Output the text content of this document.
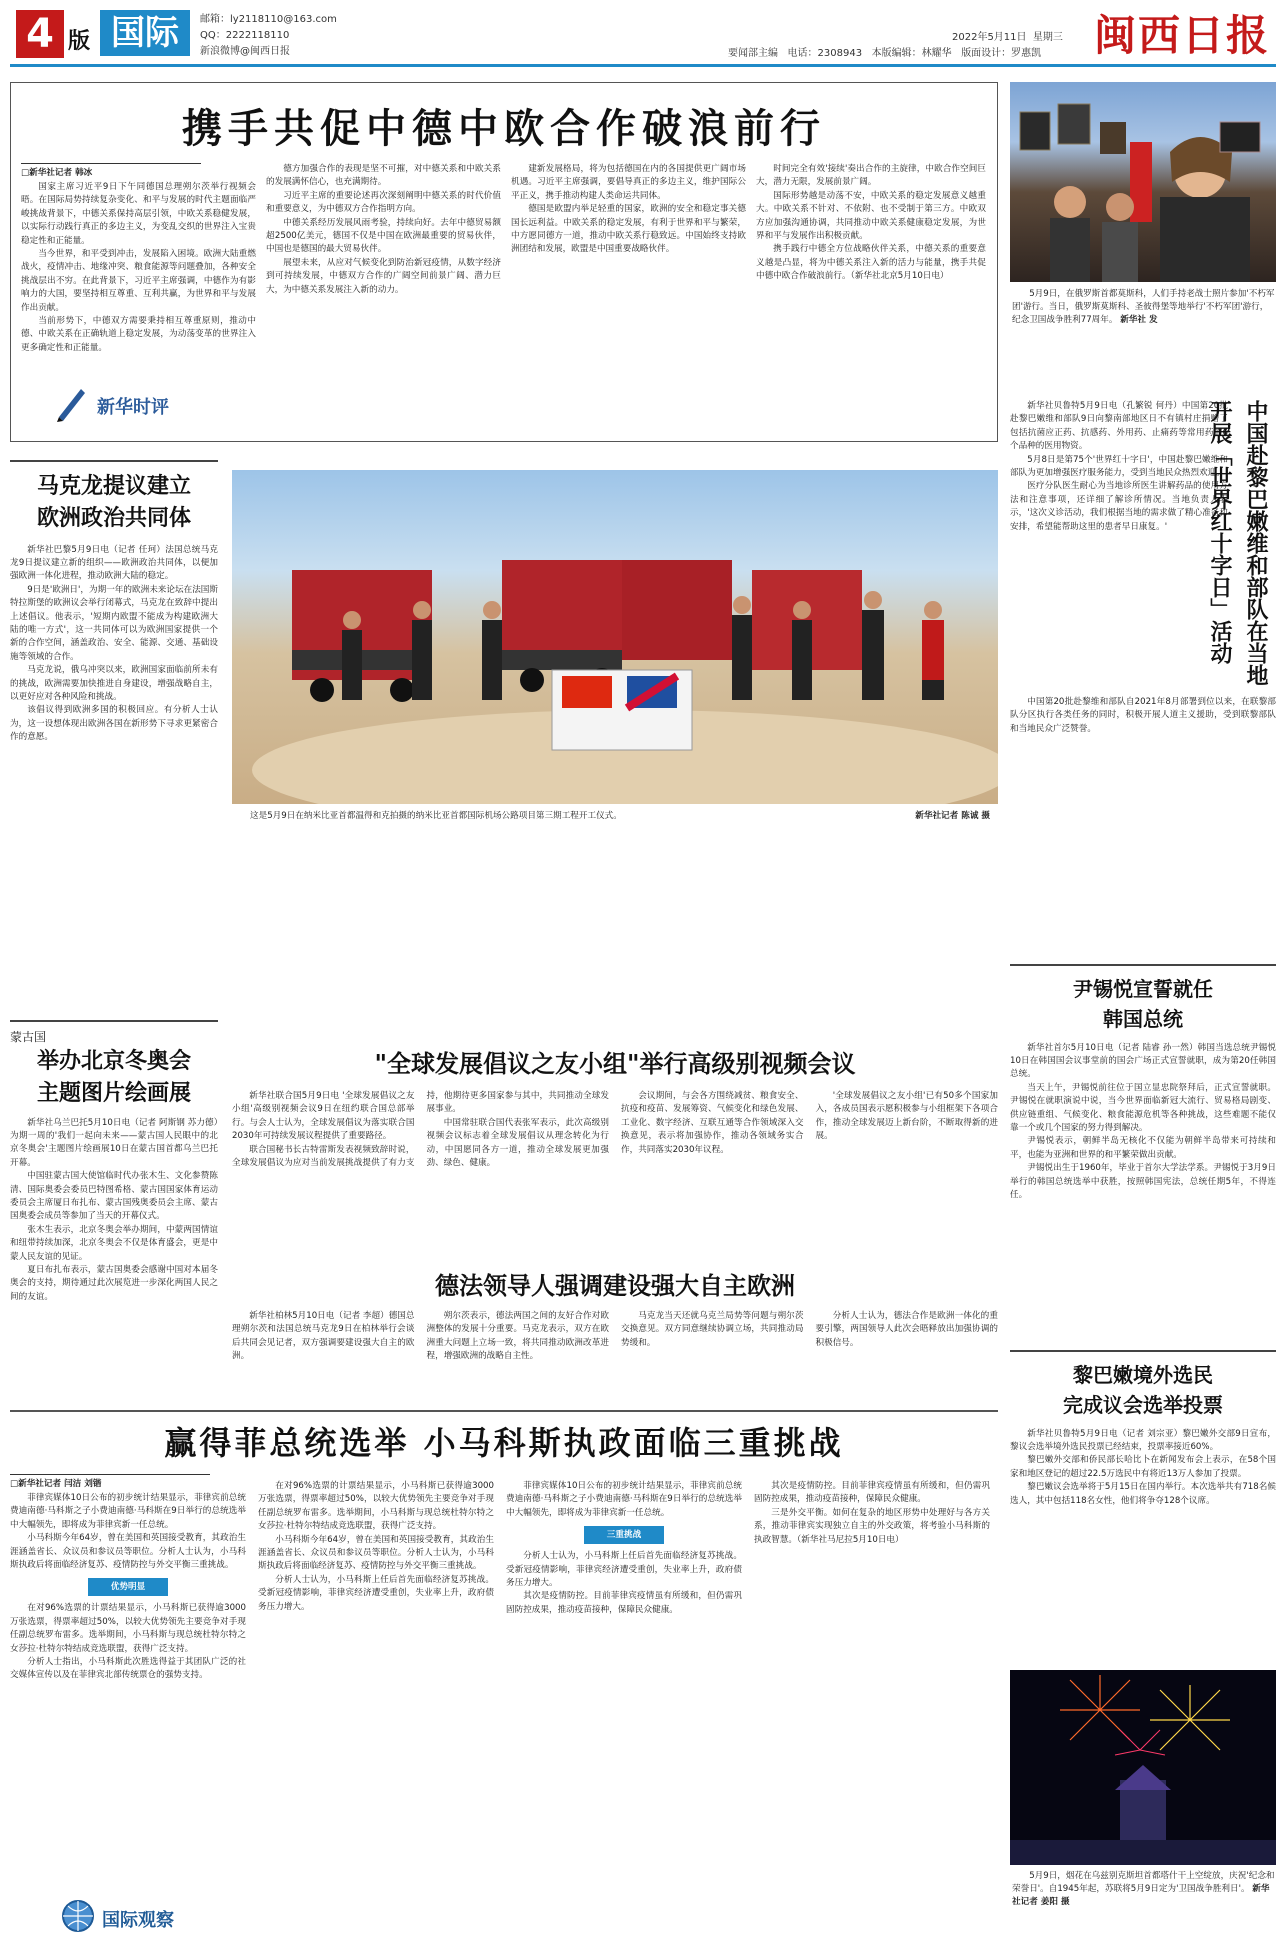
4 版 国际	邮箱：ly2118110@163.com
QQ：2222118110
新浪微博@闽西日报
2022年5月11日 星期三
要闻部主编 电话：2308943 本版编辑：林耀华 版面设计：罗惠凯 闽西日报
携手共促中德中欧合作破浪前行
□新华社记者 韩冰

国家主席习近平9日下午同德国总理朔尔茨举行视频会晤。在国际局势持续复杂变化、和平与发展的时代主题面临严峻挑战背景下，中德关系保持高层引领，中欧关系稳健发展，以实际行动践行真正的多边主义，为变乱交织的世界注入宝贵稳定性和正能量。

当今世界，和平受到冲击，发展陷入困境。欧洲大陆重燃战火，疫情冲击、地缘冲突、粮食能源等问题叠加，各种安全挑战层出不穷。在此背景下，习近平主席强调，中德作为有影响力的大国，要坚持相互尊重、互利共赢，为世界和平与发展作出贡献。

当前形势下，中德双方需要秉持相互尊重原则，推动中德、中欧关系在正确轨道上稳定发展，为动荡变革的世界注入更多确定性和正能量。

新华时评

德方加强合作的表现是坚不可摧，对中德关系和中欧关系的发展满怀信心，也充满期待。

习近平主席的重要论述再次深刻阐明中德关系的时代价值和重要意义，为中德双方合作指明方向。

中德关系经历发展风雨考验，持续向好。去年中德贸易额超2500亿美元，德国不仅是中国在欧洲最重要的贸易伙伴，中国也是德国的最大贸易伙伴。

展望未来，从应对气候变化到防治新冠疫情，从数字经济到可持续发展，中德双方合作的广阔空间前景广阔、潜力巨大，为中德关系发展注入新的动力。

建新发展格局，将为包括德国在内的各国提供更广阔市场机遇。习近平主席强调，要倡导真正的多边主义，维护国际公平正义，携手推动构建人类命运共同体。

德国是欧盟内举足轻重的国家，欧洲的安全和稳定事关德国长远利益。中欧关系的稳定发展，有利于世界和平与繁荣，中方愿同德方一道，推动中欧关系行稳致远。中国始终支持欧洲团结和发展，欧盟是中国重要战略伙伴。

时间完全有效'接续'奏出合作的主旋律，中欧合作空间巨大，潜力无限，发展前景广阔。

国际形势越是动荡不安，中欧关系的稳定发展意义越重大。中欧关系不针对、不依附、也不受制于第三方。中欧双方应加强沟通协调，共同推动中欧关系健康稳定发展，为世界和平与发展作出积极贡献。

携手践行中德全方位战略伙伴关系，中德关系的重要意义越是凸显，将为中德关系注入新的活力与能量，携手共促中德中欧合作破浪前行。（新华社北京5月10日电）

5月9日，在俄罗斯首都莫斯科，人们手持老战士照片参加'不朽军团'游行。当日，俄罗斯莫斯科、圣彼得堡等地举行'不朽军团'游行，纪念卫国战争胜利77周年。 新华社 发

新华社贝鲁特5月9日电（孔繁锐 何丹）中国第20批赴黎巴嫩维和部队9日向黎南部地区日不有镇村庄捐赠了包括抗菌应正药、抗感药、外用药、止痛药等常用药的6个品种的医用物资。

5月8日是第75个'世界红十字日'，中国赴黎巴嫩维和部队为更加增强医疗服务能力，受到当地民众热烈欢迎。

医疗分队医生耐心为当地诊所医生讲解药品的使用方法和注意事项，还详细了解诊所情况。当地负责人表示，'这次义诊活动，我们根据当地的需求做了精心准备和安排，希望能帮助这里的患者早日康复。'	中国赴黎巴嫩维和部队在当地开展「世界红十字日」活动

中国第20批赴黎维和部队自2021年8月部署到位以来，在联黎部队分区执行各类任务的同时，积极开展人道主义援助，受到联黎部队和当地民众广泛赞誉。

马克龙提议建立
欧洲政治共同体

新华社巴黎5月9日电（记者 任珂）法国总统马克龙9日提议建立新的组织——欧洲政治共同体，以便加强欧洲一体化进程，推动欧洲大陆的稳定。

9日是'欧洲日'，为期一年的欧洲未来论坛在法国斯特拉斯堡的欧洲议会举行闭幕式，马克龙在致辞中提出上述倡议。他表示，'短期内欧盟不能成为构建欧洲大陆的唯一方式'，这一共同体可以为欧洲国家提供一个新的合作空间，涵盖政治、安全、能源、交通、基础设施等领域的合作。

马克龙说，俄乌冲突以来，欧洲国家面临前所未有的挑战，欧洲需要加快推进自身建设，增强战略自主，以更好应对各种风险和挑战。

该倡议得到欧洲多国的积极回应。有分析人士认为，这一设想体现出欧洲各国在新形势下寻求更紧密合作的意愿。

这是5月9日在纳米比亚首都温得和克拍摄的纳米比亚首都国际机场公路项目第三期工程开工仪式。	新华社记者 陈诚 摄
尹锡悦宣誓就任
韩国总统

新华社首尔5月10日电（记者 陆睿 孙一然）韩国当选总统尹锡悦10日在韩国国会议事堂前的国会广场正式宣誓就职，成为第20任韩国总统。

当天上午，尹锡悦前往位于国立显忠院祭拜后，正式宣誓就职。尹锡悦在就职演说中说，当今世界面临新冠大流行、贸易格局剧变、供应链重组、气候变化、粮食能源危机等各种挑战，这些难题不能仅靠一个或几个国家的努力得到解决。

尹锡悦表示，朝鲜半岛无核化不仅能为朝鲜半岛带来可持续和平，也能为亚洲和世界的和平繁荣做出贡献。

尹锡悦出生于1960年，毕业于首尔大学法学系。尹锡悦于3月9日举行的韩国总统选举中获胜，按照韩国宪法，总统任期5年，不得连任。

蒙古国
举办北京冬奥会
主题图片绘画展

新华社乌兰巴托5月10日电（记者 阿斯钢 苏力德）为期一周的'我们一起向未来——蒙古国人民眼中的北京冬奥会'主题图片绘画展10日在蒙古国首都乌兰巴托开幕。

中国驻蒙古国大使馆临时代办张木生、文化参赞陈清、国际奥委会委员巴特图希格、蒙古国国家体育运动委员会主席厦日布扎布、蒙古国残奥委员会主席、蒙古国奥委会成员等参加了当天的开幕仪式。

张木生表示，北京冬奥会举办期间，中蒙两国情谊和纽带持续加深，北京冬奥会不仅是体育盛会，更是中蒙人民友谊的见证。

夏日布扎布表示，蒙古国奥委会感谢中国对本届冬奥会的支持，期待通过此次展览进一步深化两国人民之间的友谊。

"全球发展倡议之友小组"举行高级别视频会议

新华社联合国5月9日电 '全球发展倡议之友小组'高级别视频会议9日在纽约联合国总部举行。与会人士认为，全球发展倡议为落实联合国2030年可持续发展议程提供了重要路径。

联合国秘书长古特雷斯发表视频致辞时说，全球发展倡议为应对当前发展挑战提供了有力支持，他期待更多国家参与其中，共同推动全球发展事业。

中国常驻联合国代表张军表示，此次高级别视频会议标志着全球发展倡议从理念转化为行动，中国愿同各方一道，推动全球发展更加强劲、绿色、健康。

会议期间，与会各方围绕减贫、粮食安全、抗疫和疫苗、发展筹资、气候变化和绿色发展、工业化、数字经济、互联互通等合作领域深入交换意见，表示将加强协作，推动各领域务实合作，共同落实2030年议程。

'全球发展倡议之友小组'已有50多个国家加入，各成员国表示愿积极参与小组框架下各项合作，推动全球发展迈上新台阶，不断取得新的进展。

德法领导人强调建设强大自主欧洲

新华社柏林5月10日电（记者 李超）德国总理朔尔茨和法国总统马克龙9日在柏林举行会谈后共同会见记者，双方强调要建设强大自主的欧洲。

朔尔茨表示，德法两国之间的友好合作对欧洲整体的发展十分重要。马克龙表示，双方在欧洲重大问题上立场一致，将共同推动欧洲改革进程，增强欧洲的战略自主性。

马克龙当天还就乌克兰局势等问题与朔尔茨交换意见。双方同意继续协调立场，共同推动局势缓和。

分析人士认为，德法合作是欧洲一体化的重要引擎，两国领导人此次会晤释放出加强协调的积极信号。

黎巴嫩境外选民
完成议会选举投票

新华社贝鲁特5月9日电（记者 刘宗亚）黎巴嫩外交部9日宣布，黎议会选举境外选民投票已经结束，投票率接近60%。

黎巴嫩外交部和侨民部长哈比卜在新闻发布会上表示，在58个国家和地区登记的超过22.5万选民中有将近13万人参加了投票。

黎巴嫩议会选举将于5月15日在国内举行。本次选举共有718名候选人，其中包括118名女性，他们将争夺128个议席。

赢得菲总统选举 小马科斯执政面临三重挑战
□新华社记者 闫洁 刘锴

菲律宾媒体10日公布的初步统计结果显示，菲律宾前总统费迪南德·马科斯之子小费迪南德·马科斯在9日举行的总统选举中大幅领先，即将成为菲律宾新一任总统。

小马科斯今年64岁，曾在美国和英国接受教育，其政治生涯涵盖省长、众议员和参议员等职位。分析人士认为，小马科斯执政后将面临经济复苏、疫情防控与外交平衡三重挑战。

优势明显

在对96%选票的计票结果显示，小马科斯已获得逾3000万张选票，得票率超过50%，以较大优势领先主要竞争对手现任副总统罗布雷多。选举期间，小马科斯与现总统杜特尔特之女莎拉·杜特尔特结成竞选联盟，获得广泛支持。

分析人士指出，小马科斯此次胜选得益于其团队广泛的社交媒体宣传以及在菲律宾北部传统票仓的强势支持。

国际观察

在对96%选票的计票结果显示，小马科斯已获得逾3000万张选票，得票率超过50%，以较大优势领先主要竞争对手现任副总统罗布雷多。选举期间，小马科斯与现总统杜特尔特之女莎拉·杜特尔特结成竞选联盟，获得广泛支持。

小马科斯今年64岁，曾在美国和英国接受教育，其政治生涯涵盖省长、众议员和参议员等职位。分析人士认为，小马科斯执政后将面临经济复苏、疫情防控与外交平衡三重挑战。

分析人士认为，小马科斯上任后首先面临经济复苏挑战。受新冠疫情影响，菲律宾经济遭受重创，失业率上升，政府债务压力增大。

菲律宾媒体10日公布的初步统计结果显示，菲律宾前总统费迪南德·马科斯之子小费迪南德·马科斯在9日举行的总统选举中大幅领先，即将成为菲律宾新一任总统。

三重挑战

分析人士认为，小马科斯上任后首先面临经济复苏挑战。受新冠疫情影响，菲律宾经济遭受重创，失业率上升，政府债务压力增大。

其次是疫情防控。目前菲律宾疫情虽有所缓和，但仍需巩固防控成果，推动疫苗接种，保障民众健康。

其次是疫情防控。目前菲律宾疫情虽有所缓和，但仍需巩固防控成果，推动疫苗接种，保障民众健康。

三是外交平衡。如何在复杂的地区形势中处理好与各方关系，推动菲律宾实现独立自主的外交政策，将考验小马科斯的执政智慧。（新华社马尼拉5月10日电）

5月9日，烟花在乌兹别克斯坦首都塔什干上空绽放，庆祝'纪念和荣誉日'。自1945年起，苏联将5月9日定为'卫国战争胜利日'。 新华社记者 姜阳 摄
